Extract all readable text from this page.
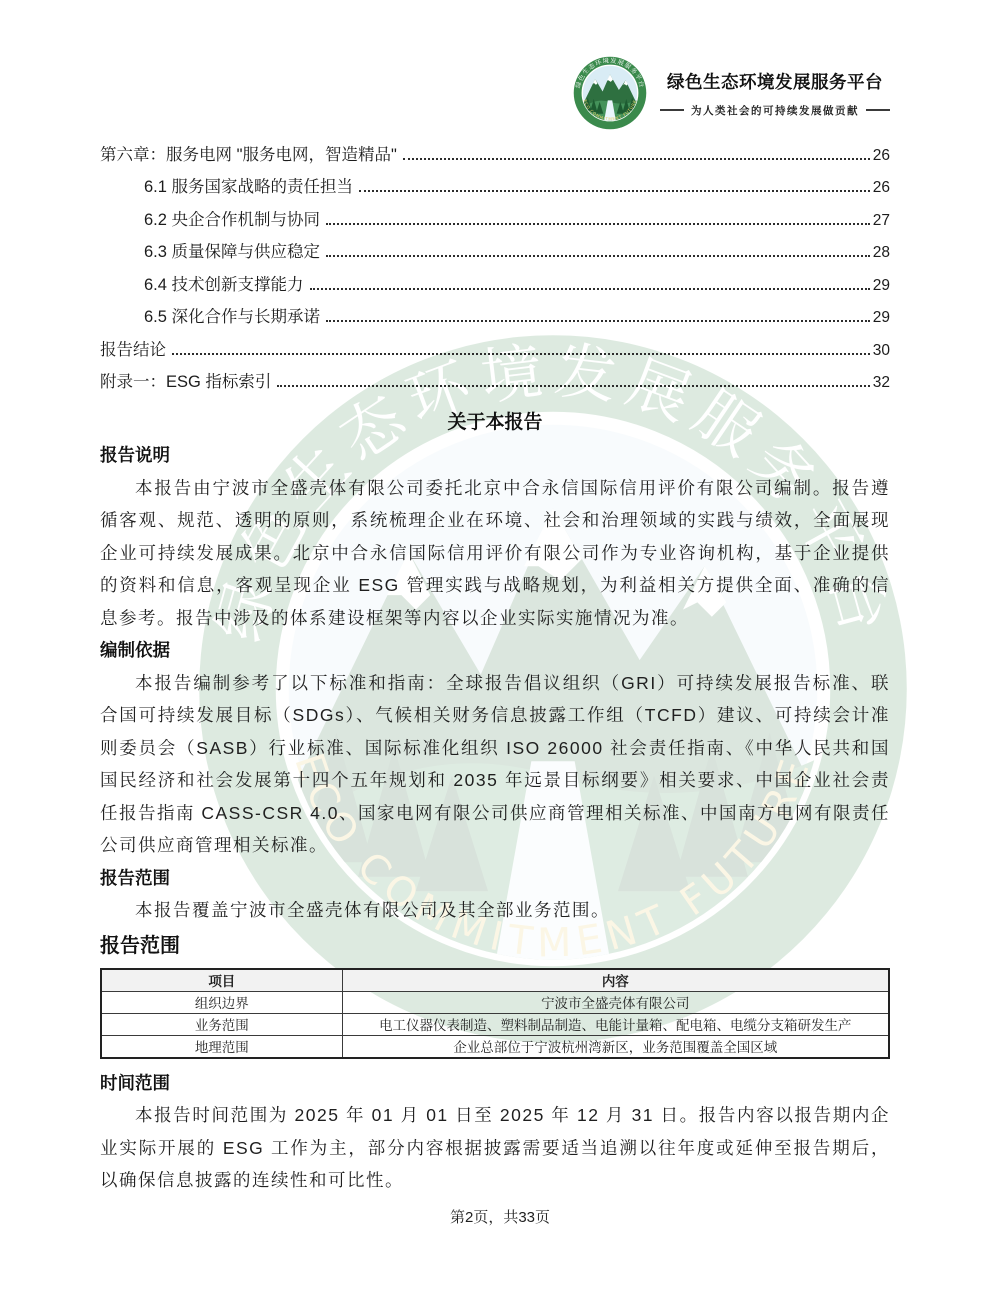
绿色生态环境发展服务平台
为人类社会的可持续发展做贡献
第六章：服务电网 "服务电网，智造精品"	26
6.1 服务国家战略的责任担当	26
6.2 央企合作机制与协同	27
6.3 质量保障与供应稳定	28
6.4 技术创新支撑能力	29
6.5 深化合作与长期承诺	29
报告结论	30
附录一：ESG 指标索引	32
关于本报告
报告说明

本报告由宁波市全盛壳体有限公司委托北京中合永信国际信用评价有限公司编制。报告遵循客观、规范、透明的原则，系统梳理企业在环境、社会和治理领域的实践与绩效，全面展现企业可持续发展成果。北京中合永信国际信用评价有限公司作为专业咨询机构，基于企业提供的资料和信息，客观呈现企业 ESG 管理实践与战略规划，为利益相关方提供全面、准确的信息参考。报告中涉及的体系建设框架等内容以企业实际实施情况为准。

编制依据

本报告编制参考了以下标准和指南：全球报告倡议组织（GRI）可持续发展报告标准、联合国可持续发展目标（SDGs）、气候相关财务信息披露工作组（TCFD）建议、可持续会计准则委员会（SASB）行业标准、国际标准化组织 ISO 26000 社会责任指南、《中华人民共和国国民经济和社会发展第十四个五年规划和 2035 年远景目标纲要》相关要求、中国企业社会责任报告指南 CASS-CSR 4.0、国家电网有限公司供应商管理相关标准、中国南方电网有限责任公司供应商管理相关标准。

报告范围

本报告覆盖宁波市全盛壳体有限公司及其全部业务范围。

报告范围
项目	内容
组织边界	宁波市全盛壳体有限公司
业务范围	电工仪器仪表制造、塑料制品制造、电能计量箱、配电箱、电缆分支箱研发生产
地理范围	企业总部位于宁波杭州湾新区，业务范围覆盖全国区域
时间范围

本报告时间范围为 2025 年 01 月 01 日至 2025 年 12 月 31 日。报告内容以报告期内企业实际开展的 ESG 工作为主，部分内容根据披露需要适当追溯以往年度或延伸至报告期后，以确保信息披露的连续性和可比性。

第2页，共33页
